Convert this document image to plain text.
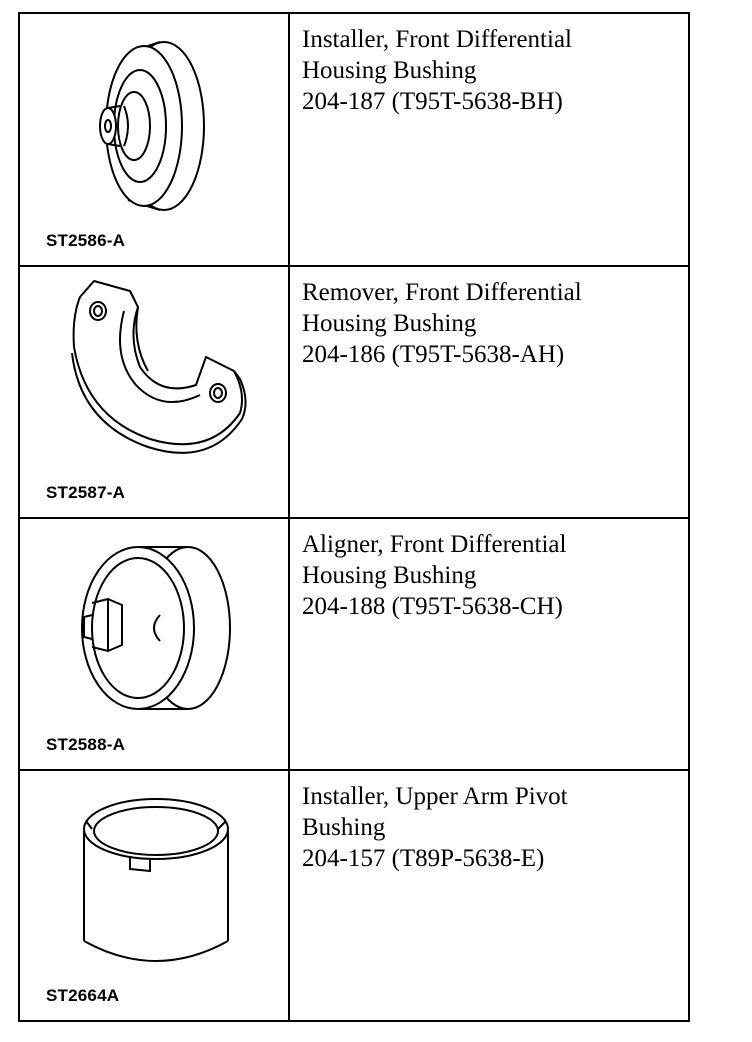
ST2586-A
Installer, Front Differential
Housing Bushing
204-187 (T95T-5638-BH)
ST2587-A
Remover, Front Differential
Housing Bushing
204-186 (T95T-5638-AH)
ST2588-A
Aligner, Front Differential
Housing Bushing
204-188 (T95T-5638-CH)
ST2664A
Installer, Upper Arm Pivot
Bushing
204-157 (T89P-5638-E)
